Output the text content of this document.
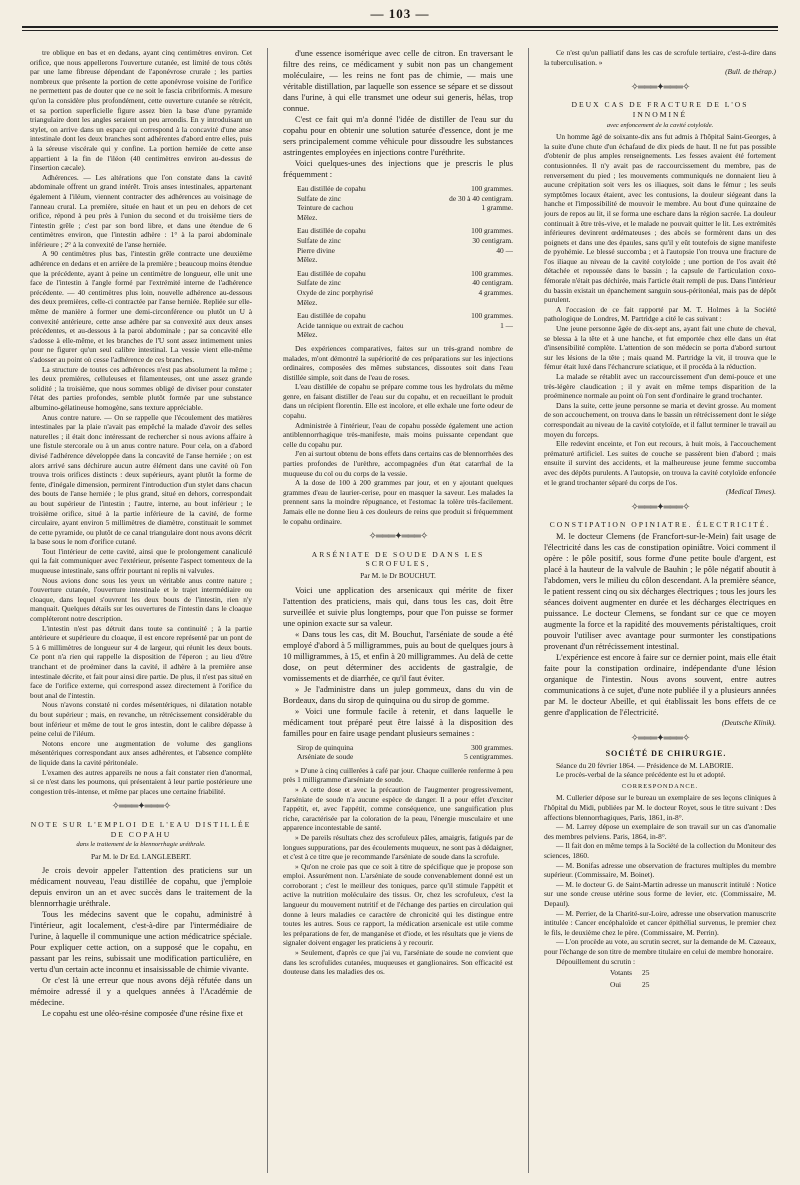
— 103 —

tre oblique en bas et en dedans, ayant cinq centimètres environ. Cet orifice, que nous appellerons l'ouverture cutanée, est limité de tous côtés par une lame fibreuse dépendant de l'aponévrose crurale ; les parties nombreux que présente la portion de cette aponévrose voisine de l'orifice ne permettent pas de douter que ce ne soit le fascia cribriformis. A mesure qu'on la considère plus profondément, cette ouverture cutanée se rétrécit, et sa portion superficielle figure assez bien la base d'une pyramide triangulaire dont les angles seraient un peu arrondis. En y introduisant un stylet, on arrive dans un espace qui correspond à la concavité d'une anse intestinale dont les deux branches sont adhérentes d'abord entre elles, puis à la séreuse viscérale qui y confine. La portion herniée de cette anse appartient à la fin de l'iléon (40 centimètres environ au-dessus de l'insertion cæcale).

Adhérences. — Les altérations que l'on constate dans la cavité abdominale offrent un grand intérêt. Trois anses intestinales, appartenant également à l'iléum, viennent contracter des adhérences au voisinage de l'anneau crural. La première, située en haut et un peu en dehors de cet orifice, répond à peu près à l'union du second et du troisième tiers de l'intestin grêle ; c'est par son bord libre, et dans une étendue de 6 centimètres environ, que l'intestin adhère : 1° à la paroi abdominale inférieure ; 2° à la convexité de l'anse herniée.

A 90 centimètres plus bas, l'intestin grêle contracte une deuxième adhérence en dedans et en arrière de la première ; beaucoup moins étendue que la précédente, ayant à peine un centimètre de longueur, elle unit une face de l'intestin à l'angle formé par l'extrémité interne de l'adhérence précédente. — 40 centimètres plus loin, nouvelle adhérence au-dessous des deux premières, celle-ci contractée par l'anse herniée. Repliée sur elle-même de manière à former une demi-circonférence ou plutôt un U à convexité antérieure, cette anse adhère par sa convexité aux deux anses précédentes, et au-dessous à la paroi abdominale ; par sa concavité elle s'adosse à elle-même, et les branches de l'U sont assez intimement unies pour ne figurer qu'un seul calibre intestinal. La vessie vient elle-même s'adosser au point où cesse l'adhérence de ces branches.

La structure de toutes ces adhérences n'est pas absolument la même ; les deux premières, celluleuses et filamenteuses, ont une assez grande solidité ; la troisième, que nous sommes obligé de diviser pour constater l'état des parties profondes, semble plutôt formée par une substance albumino-gélatineuse homogène, sans texture appréciable.

Anus contre nature. — On se rappelle que l'écoulement des matières intestinales par la plaie n'avait pas empêché la malade d'avoir des selles naturelles ; il était donc intéressant de rechercher si nous avions affaire à une fistule stercorale ou à un anus contre nature. Pour cela, on a d'abord divisé l'adhérence développée dans la concavité de l'anse herniée ; on est alors arrivé sans déchirure aucun autre élément dans une cavité où l'on trouva trois orifices distincts : deux supérieurs, ayant plutôt la forme de fente, d'inégale dimension, permirent l'introduction d'un stylet dans chacun des bouts de l'anse herniée ; le plus grand, situé en dehors, correspondait au bout supérieur de l'intestin ; l'autre, interne, au bout inférieur ; le troisième orifice, situé à la partie inférieure de la cavité, de forme circulaire, ayant environ 5 millimètres de diamètre, constituait le sommet de cette pyramide, ou plutôt de ce canal triangulaire dont nous avons décrit la base sous le nom d'orifice cutané.

Tout l'intérieur de cette cavité, ainsi que le prolongement canaliculé qui la fait communiquer avec l'extérieur, présente l'aspect tomenteux de la muqueuse intestinale, sans offrir pourtant ni replis ni valvules.

Nous avions donc sous les yeux un véritable anus contre nature ; l'ouverture cutanée, l'ouverture intestinale et le trajet intermédiaire ou cloaque, dans lequel s'ouvrent les deux bouts de l'intestin, rien n'y manquait. Quelques détails sur les ouvertures de l'intestin dans le cloaque compléteront notre description.

L'intestin n'est pas détruit dans toute sa continuité ; à la partie antérieure et supérieure du cloaque, il est encore représenté par un pont de 5 à 6 millimètres de longueur sur 4 de largeur, qui réunit les deux bouts. Ce pont n'a rien qui rappelle la disposition de l'éperon ; au lieu d'être tranchant et de proéminer dans la cavité, il adhère à la première anse intestinale décrite, et fait pour ainsi dire partie. De plus, il n'est pas situé en face de l'orifice externe, qui correspond assez directement à l'orifice du bout anal de l'intestin.

Nous n'avons constaté ni cordes mésentériques, ni dilatation notable du bout supérieur ; mais, en revanche, un rétrécissement considérable du bout inférieur et même de tout le gros intestin, dont le calibre dépasse à peine celui de l'iléum.

Notons encore une augmentation de volume des ganglions mésentériques correspondant aux anses adhérentes, et l'absence complète de liquide dans la cavité péritonéale.

L'examen des autres appareils ne nous a fait constater rien d'anormal, si ce n'est dans les poumons, qui présentaient à leur partie postérieure une congestion très-intense, et même par places une certaine friabilité.

✧═══✦═══✧

NOTE SUR L'EMPLOI DE L'EAU DISTILLÉE DE COPAHU

dans le traitement de la blennorrhagie uréthrale.

Par M. le Dr Ed. LANGLEBERT.

Je crois devoir appeler l'attention des praticiens sur un médicament nouveau, l'eau distillée de copahu, que j'emploie depuis environ un an et avec succès dans le traitement de la blennorrhagie uréthrale.

Tous les médecins savent que le copahu, administré à l'intérieur, agit localement, c'est-à-dire par l'intermédiaire de l'urine, à laquelle il communique une action médicatrice spéciale. Pour expliquer cette action, on a supposé que le copahu, en passant par les reins, subissait une modification particulière, en vertu d'un certain acte inconnu et insaisissable de chimie vivante.

Or c'est là une erreur que nous avons déjà réfutée dans un mémoire adressé il y a quelques années à l'Académie de médecine.

Le copahu est une oléo-résine composée d'une résine fixe et

d'une essence isomérique avec celle de citron. En traversant le filtre des reins, ce médicament y subit non pas un changement moléculaire, — les reins ne font pas de chimie, — mais une véritable distillation, par laquelle son essence se sépare et se dissout dans l'urine, à qui elle transmet une odeur sui generis, hélas, trop connue.

C'est ce fait qui m'a donné l'idée de distiller de l'eau sur du copahu pour en obtenir une solution saturée d'essence, dont je me sers principalement comme véhicule pour dissoudre les substances astringentes employées en injections contre l'uréthrite.

Voici quelques-unes des injections que je prescris le plus fréquemment :

Eau distillée de copahu	100 grammes.
Sulfate de zinc	de 30 à 40 centigram.
Teinture de cachou	1 gramme.
Mêlez.	
Eau distillée de copahu	100 grammes.
Sulfate de zinc	30 centigram.
Pierre divine	40 —
Mêlez.	
Eau distillée de copahu	100 grammes.
Sulfate de zinc	40 centigram.
Oxyde de zinc porphyrisé	4 grammes.
Mêlez.	
Eau distillée de copahu	100 grammes.
Acide tannique ou extrait de cachou	1 —
Mêlez.	

Des expériences comparatives, faites sur un très-grand nombre de malades, m'ont démontré la supériorité de ces préparations sur les injections ordinaires, composées des mêmes substances, dissoutes soit dans l'eau distillée simple, soit dans de l'eau de roses.

L'eau distillée de copahu se prépare comme tous les hydrolats du même genre, en faisant distiller de l'eau sur du copahu, et en recueillant le produit dans un récipient florentin. Elle est incolore, et elle exhale une forte odeur de copahu.

Administrée à l'intérieur, l'eau de copahu possède également une action antiblennorrhagique très-manifeste, mais moins puissante cependant que celle du copahu pur.

J'en ai surtout obtenu de bons effets dans certains cas de blennorrhées des parties profondes de l'urèthre, accompagnées d'un état catarrhal de la muqueuse du col ou du corps de la vessie.

A la dose de 100 à 200 grammes par jour, et en y ajoutant quelques grammes d'eau de laurier-cerise, pour en masquer la saveur. Les malades la prennent sans la moindre répugnance, et l'estomac la tolère très-facilement. Jamais elle ne donne lieu à ces douleurs de reins que produit si fréquemment le copahu ordinaire.

✧═══✦═══✧

ARSÉNIATE DE SOUDE DANS LES SCROFULES,

Par M. le Dr BOUCHUT.

Voici une application des arsenicaux qui mérite de fixer l'attention des praticiens, mais qui, dans tous les cas, doit être surveillée et suivie plus longtemps, pour que l'on puisse se former une opinion exacte sur sa valeur.

« Dans tous les cas, dit M. Bouchut, l'arséniate de soude a été employé d'abord à 5 milligrammes, puis au bout de quelques jours à 10 milligrammes, à 15, et enfin à 20 milligrammes. Au delà de cette dose, on peut déterminer des accidents de gastralgie, de vomissements et de diarrhée, ce qu'il faut éviter.

» Je l'administre dans un julep gommeux, dans du vin de Bordeaux, dans du sirop de quinquina ou du sirop de gomme.

» Voici une formule facile à retenir, et dans laquelle le médicament tout préparé peut être laissé à la disposition des familles pour en faire usage pendant plusieurs semaines :

Sirop de quinquina	300 grammes.
Arséniate de soude	5 centigrammes.

» D'une à cinq cuillerées à café par jour. Chaque cuillerée renferme à peu près 1 milligramme d'arséniate de soude.

» A cette dose et avec la précaution de l'augmenter progressivement, l'arséniate de soude n'a aucune espèce de danger. Il a pour effet d'exciter l'appétit, et, avec l'appétit, comme conséquence, une sanguification plus riche, caractérisée par la coloration de la peau, l'énergie musculaire et une apparence incontestable de santé.

» De pareils résultats chez des scrofuleux pâles, amaigris, fatigués par de longues suppurations, par des écoulements muqueux, ne sont pas à dédaigner, et c'est à ce titre que je recommande l'arséniate de soude dans la scrofule.

» Qu'on ne croie pas que ce soit à titre de spécifique que je propose son emploi. Assurément non. L'arséniate de soude convenablement donné est un corroborant ; c'est le meilleur des toniques, parce qu'il stimule l'appétit et active la nutrition moléculaire des tissus. Or, chez les scrofuleux, c'est la langueur du mouvement nutritif et de l'échange des parties en circulation qui donne à leurs maladies ce caractère de chronicité qui les distingue entre toutes les autres. Sous ce rapport, la médication arsenicale est utile comme les préparations de fer, de manganèse et d'iode, et les résultats que je viens de signaler doivent engager les praticiens à y recourir.

» Seulement, d'après ce que j'ai vu, l'arséniate de soude ne convient que dans les scrofulides cutanées, muqueuses et ganglionaires. Son efficacité est douteuse dans les maladies des os.

Ce n'est qu'un palliatif dans les cas de scrofule tertiaire, c'est-à-dire dans la tuberculisation. »

(Bull. de thérap.)

✧═══✦═══✧

DEUX CAS DE FRACTURE DE L'OS INNOMINÉ

avec enfoncement de la cavité cotyloïde.

Un homme âgé de soixante-dix ans fut admis à l'hôpital Saint-Georges, à la suite d'une chute d'un échafaud de dix pieds de haut. Il ne fut pas possible d'obtenir de plus amples renseignements. Les fesses avaient été fortement contusionnées. Il n'y avait pas de raccourcissement du membre, pas de renversement du pied ; les mouvements communiqués ne donnaient lieu à aucune crépitation soit vers les os iliaques, soit dans le fémur ; les seuls symptômes locaux étaient, avec les contusions, la douleur siégeant dans la hanche et l'impossibilité de mouvoir le membre. Au bout d'une quinzaine de jours de repos au lit, il se forma une eschare dans la région sacrée. La douleur continuait à être très-vive, et le malade ne pouvait quitter le lit. Les extrémités inférieures devinrent œdémateuses ; des abcès se formèrent dans un des poignets et dans une des épaules, sans qu'il y eût toutefois de signe manifeste de pyohémie. Le blessé succomba ; et à l'autopsie l'on trouva une fracture de l'os iliaque au niveau de la cavité cotyloïde ; une portion de l'os avait été détachée et repoussée dans le bassin ; la capsule de l'articulation coxo-fémorale n'était pas déchirée, mais l'article était rempli de pus. Dans l'intérieur du bassin existait un épanchement sanguin sous-péritonéal, mais pas de dépôt purulent.

A l'occasion de ce fait rapporté par M. T. Holmes à la Société pathologique de Londres, M. Partridge a cité le cas suivant :

Une jeune personne âgée de dix-sept ans, ayant fait une chute de cheval, se blessa à la tête et à une hanche, et fut emportée chez elle dans un état d'insensibilité complète. L'attention de son médecin se porta d'abord surtout sur les lésions de la tête ; mais quand M. Partridge la vit, il trouva que le fémur était luxé dans l'échancrure sciatique, et il procéda à la réduction.

La malade se rétablit avec un raccourcissement d'un demi-pouce et une très-légère claudication ; il y avait en même temps disparition de la proéminence normale au point où l'on sent d'ordinaire le grand trochanter.

Dans la suite, cette jeune personne se maria et devint grosse. Au moment de son accouchement, on trouva dans le bassin un rétrécissement dont le siége correspondait au niveau de la cavité cotyloïde, et il fallut terminer le travail au moyen du forceps.

Elle redevint enceinte, et l'on eut recours, à huit mois, à l'accouchement prématuré artificiel. Les suites de couche se passèrent bien d'abord ; mais ensuite il survint des accidents, et la malheureuse jeune femme succomba avec des dépôts purulents. A l'autopsie, on trouva la cavité cotyloïde enfoncée et le grand trochanter séparé du corps de l'os.

(Medical Times).

✧═══✦═══✧

CONSTIPATION OPINIATRE. ÉLECTRICITÉ.

M. le docteur Clemens (de Francfort-sur-le-Mein) fait usage de l'électricité dans les cas de constipation opiniâtre. Voici comment il opère : le pôle positif, sous forme d'une petite boule d'argent, est placé à la hauteur de la valvule de Bauhin ; le pôle négatif aboutit à l'abdomen, vers le milieu du côlon descendant. A la première séance, le patient ressent cinq ou six décharges électriques ; tous les jours les séances doivent augmenter en durée et les décharges électriques en puissance. Le docteur Clemens, se fondant sur ce que ce moyen augmente la force et la rapidité des mouvements péristaltiques, croit pouvoir l'utiliser avec avantage pour surmonter les constipations provenant d'un rétrécissement intestinal.

L'expérience est encore à faire sur ce dernier point, mais elle était faite pour la constipation ordinaire, indépendante d'une lésion organique de l'intestin. Nous avons souvent, entre autres communications à ce sujet, d'une note publiée il y a plusieurs années par M. le docteur Abeille, et qui établissait les bons effets de ce genre d'application de l'électricité.

(Deutsche Klinik).

✧═══✦═══✧

SOCIÉTÉ DE CHIRURGIE.

Séance du 20 février 1864. — Présidence de M. LABORIE.

Le procès-verbal de la séance précédente est lu et adopté.

CORRESPONDANCE.

M. Cullerier dépose sur le bureau un exemplaire de ses leçons cliniques à l'hôpital du Midi, publiées par M. le docteur Royet, sous le titre suivant : Des affections blennorrhagiques, Paris, 1861, in-8°.

— M. Larrey dépose un exemplaire de son travail sur un cas d'anomalie des membres pelviens. Paris, 1864, in-8°.

— Il fait don en même temps à la Société de la collection du Moniteur des sciences, 1860.

— M. Bonifas adresse une observation de fractures multiples du membre supérieur. (Commissaire, M. Boinet).

— M. le docteur G. de Saint-Martin adresse un manuscrit intitulé : Notice sur une sonde creuse utérine sous forme de levier, etc. (Commissaire, M. Depaul).

— M. Perrier, de la Charité-sur-Loire, adresse une observation manuscrite intitulée : Cancer encéphaloïde et cancer épithélial survenus, le premier chez le fils, le deuxième chez le père. (Commissaire, M. Perrin).

— L'on procède au vote, au scrutin secret, sur la demande de M. Cazeaux, pour l'échange de son titre de membre titulaire en celui de membre honoraire.

Dépouillement du scrutin :

Votants	25
Oui	25
